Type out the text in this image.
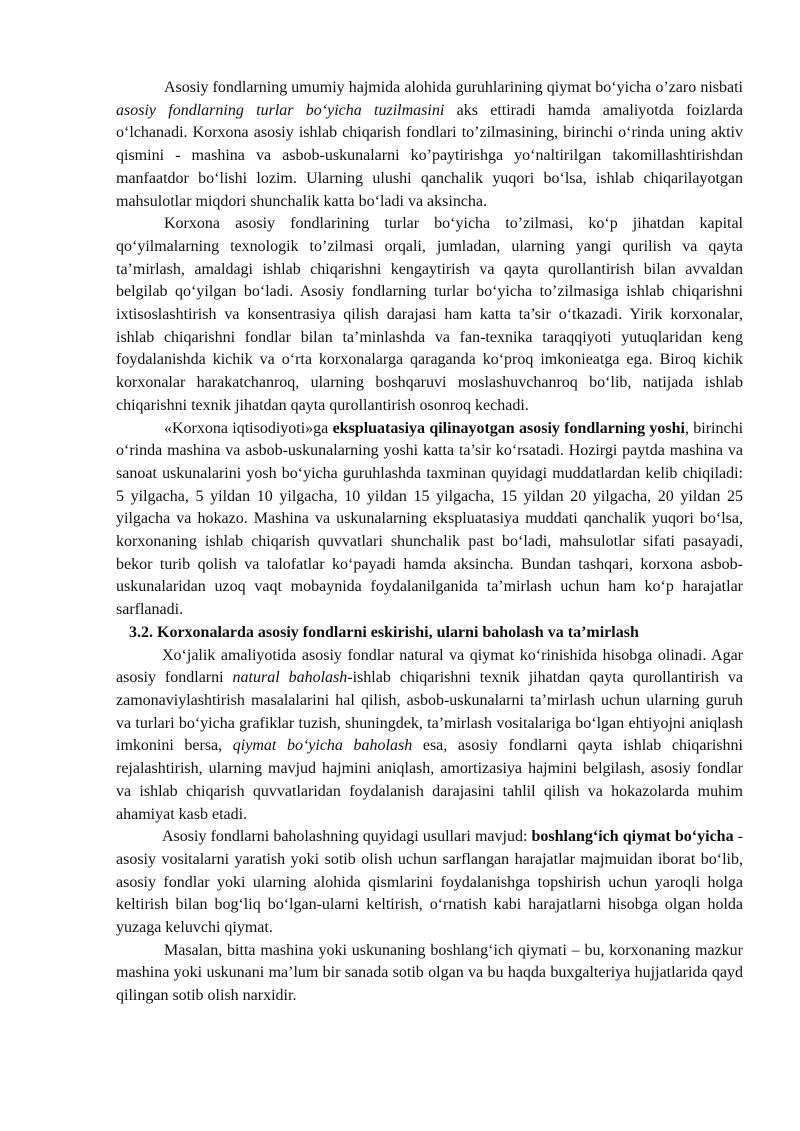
Asosiy fondlarning umumiy hajmida alohida guruhlarining qiymat bo‘yicha o’zaro nisbati asosiy fondlarning turlar bo‘yicha tuzilmasini aks ettiradi hamda amaliyotda foizlarda o‘lchanadi. Korxona asosiy ishlab chiqarish fondlari to’zilmasining, birinchi o‘rinda uning aktiv qismini - mashina va asbob-uskunalarni ko’paytirishga yo‘naltirilgan takomillashtirishdan manfaatdor bo‘lishi lozim. Ularning ulushi qanchalik yuqori bo‘lsa, ishlab chiqarilayotgan mahsulotlar miqdori shunchalik katta bo‘ladi va aksincha.

Korxona asosiy fondlarining turlar bo‘yicha to’zilmasi, ko‘p jihatdan kapital qo‘yilmalarning texnologik to’zilmasi orqali, jumladan, ularning yangi qurilish va qayta ta’mirlash, amaldagi ishlab chiqarishni kengaytirish va qayta qurollantirish bilan avvaldan belgilab qo‘yilgan bo‘ladi. Asosiy fondlarning turlar bo‘yicha to’zilmasiga ishlab chiqarishni ixtisoslashtirish va konsentrasiya qilish darajasi ham katta ta’sir o‘tkazadi. Yirik korxonalar, ishlab chiqarishni fondlar bilan ta’minlashda va fan-texnika taraqqiyoti yutuqlaridan keng foydalanishda kichik va o‘rta korxonalarga qaraganda ko‘proq imkonieatga ega. Biroq kichik korxonalar harakatchanroq, ularning boshqaruvi moslashuvchanroq bo‘lib, natijada ishlab chiqarishni texnik jihatdan qayta qurollantirish osonroq kechadi.

«Korxona iqtisodiyoti»ga ekspluatasiya qilinayotgan asosiy fondlarning yoshi, birinchi o‘rinda mashina va asbob-uskunalarning yoshi katta ta’sir ko‘rsatadi. Hozirgi paytda mashina va sanoat uskunalarini yosh bo‘yicha guruhlashda taxminan quyidagi muddatlardan kelib chiqiladi: 5 yilgacha, 5 yildan 10 yilgacha, 10 yildan 15 yilgacha, 15 yildan 20 yilgacha, 20 yildan 25 yilgacha va hokazo. Mashina va uskunalarning ekspluatasiya muddati qanchalik yuqori bo‘lsa, korxonaning ishlab chiqarish quvvatlari shunchalik past bo‘ladi, mahsulotlar sifati pasayadi, bekor turib qolish va talofatlar ko‘payadi hamda aksincha. Bundan tashqari, korxona asbob-uskunalaridan uzoq vaqt mobaynida foydalanilganida ta’mirlash uchun ham ko‘p harajatlar sarflanadi.

3.2. Korxonalarda asosiy fondlarni eskirishi, ularni baholash va ta’mirlash

Xo‘jalik amaliyotida asosiy fondlar natural va qiymat ko‘rinishida hisobga olinadi. Agar asosiy fondlarni natural baholash-ishlab chiqarishni texnik jihatdan qayta qurollantirish va zamonaviylashtirish masalalarini hal qilish, asbob-uskunalarni ta’mirlash uchun ularning guruh va turlari bo‘yicha grafiklar tuzish, shuningdek, ta’mirlash vositalariga bo‘lgan ehtiyojni aniqlash imkonini bersa, qiymat bo‘yicha baholash esa, asosiy fondlarni qayta ishlab chiqarishni rejalashtirish, ularning mavjud hajmini aniqlash, amortizasiya hajmini belgilash, asosiy fondlar va ishlab chiqarish quvvatlaridan foydalanish darajasini tahlil qilish va hokazolarda muhim ahamiyat kasb etadi.

Asosiy fondlarni baholashning quyidagi usullari mavjud: boshlang‘ich qiymat bo‘yicha - asosiy vositalarni yaratish yoki sotib olish uchun sarflangan harajatlar majmuidan iborat bo‘lib, asosiy fondlar yoki ularning alohida qismlarini foydalanishga topshirish uchun yaroqli holga keltirish bilan bog‘liq bo‘lgan-ularni keltirish, o‘rnatish kabi harajatlarni hisobga olgan holda yuzaga keluvchi qiymat.

Masalan, bitta mashina yoki uskunaning boshlang‘ich qiymati – bu, korxonaning mazkur mashina yoki uskunani ma’lum bir sanada sotib olgan va bu haqda buxgalteriya hujjatlarida qayd qilingan sotib olish narxidir.
